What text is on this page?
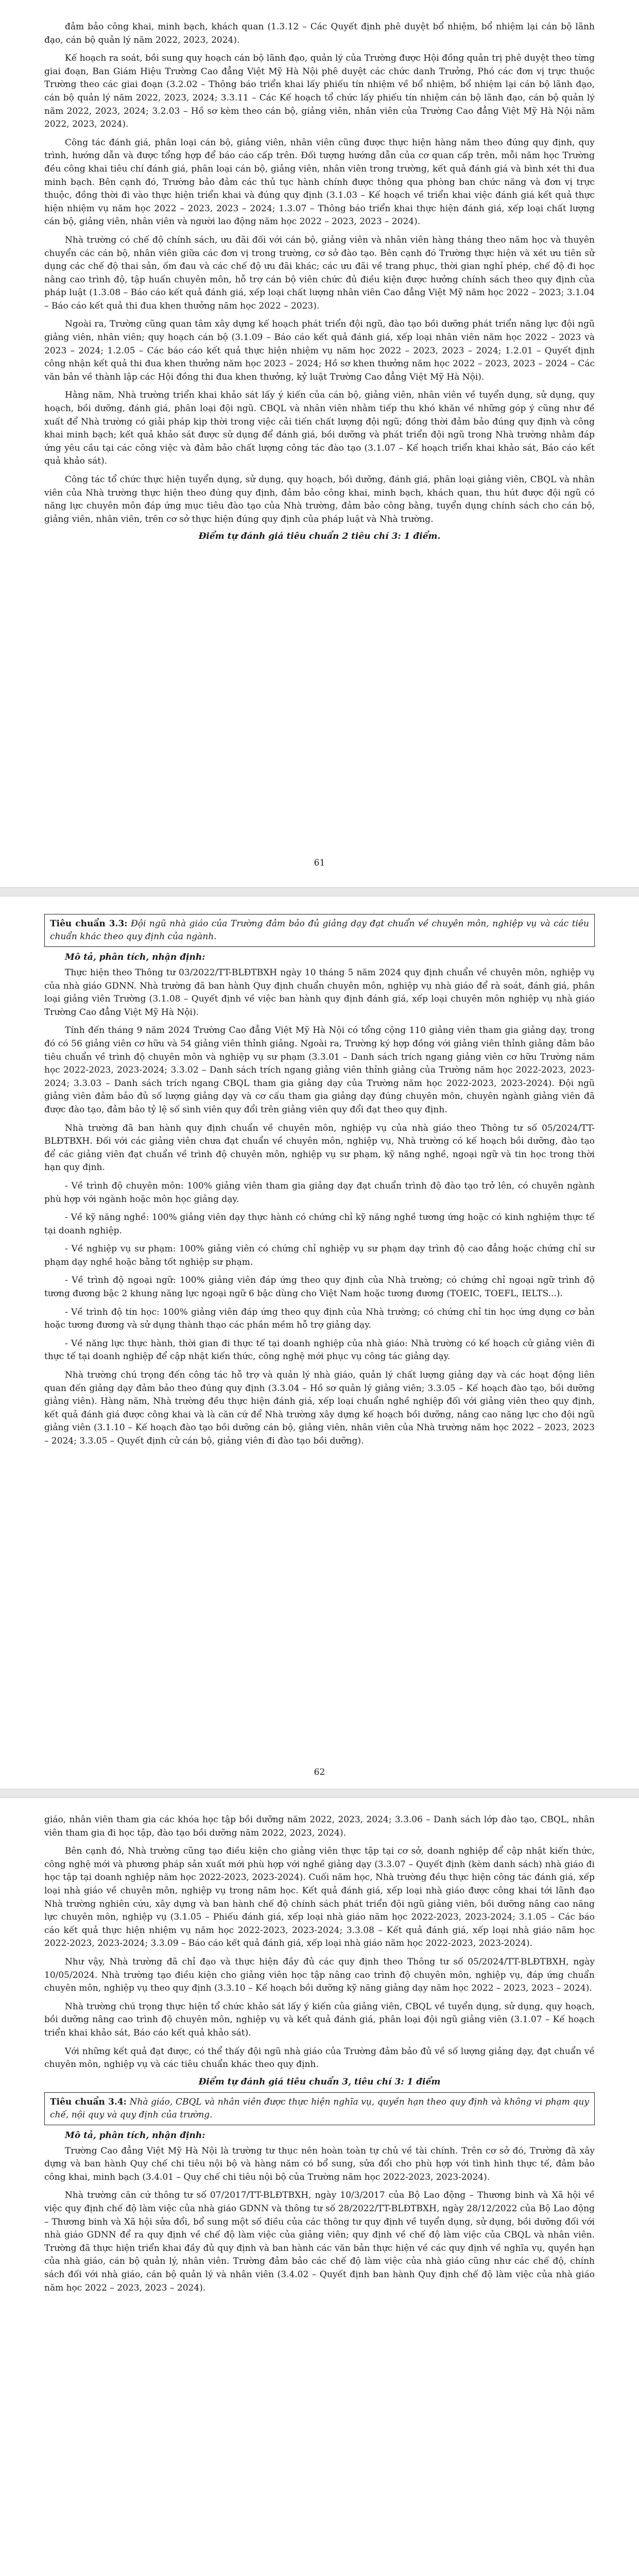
đảm bảo công khai, minh bạch, khách quan (1.3.12 – Các Quyết định phê duyệt bổ nhiệm, bổ nhiệm lại cán bộ lãnh đạo, cán bộ quản lý năm 2022, 2023, 2024).

Kế hoạch ra soát, bồi sung quy hoạch cán bộ lãnh đạo, quản lý của Trường được Hội đồng quản trị phê duyệt theo từng giai đoạn, Ban Giám Hiệu Trường Cao đẳng Việt Mỹ Hà Nội phê duyệt các chức danh Trưởng, Phó các đơn vị trực thuộc Trường theo các giai đoạn (3.2.02 – Thông báo triển khai lấy phiếu tín nhiệm về bổ nhiệm, bổ nhiệm lại cán bộ lãnh đạo, cán bộ quản lý năm 2022, 2023, 2024; 3.3.11 – Các Kế hoạch tổ chức lấy phiếu tín nhiệm cán bộ lãnh đạo, cán bộ quản lý năm 2022, 2023, 2024; 3.2.03 – Hồ sơ kèm theo cán bộ, giảng viên, nhân viên của Trường Cao đẳng Việt Mỹ Hà Nội năm 2022, 2023, 2024).

Công tác đánh giá, phân loại cán bộ, giảng viên, nhân viên cũng được thực hiện hàng năm theo đúng quy định, quy trình, hướng dẫn và được tổng hợp để báo cáo cấp trên. Đối tượng hướng dẫn của cơ quan cấp trên, mỗi năm học Trường đều công khai tiêu chí đánh giá, phân loại cán bộ, giảng viên, nhân viên trong trường, kết quả đánh giá và bình xét thi đua minh bạch. Bên cạnh đó, Trường bảo đảm các thủ tục hành chính được thông qua phòng ban chức năng và đơn vị trực thuộc, đồng thời đi vào thực hiện triển khai và đúng quy định (3.1.03 – Kế hoạch về triển khai việc đánh giá kết quả thực hiện nhiệm vụ năm học 2022 – 2023, 2023 – 2024; 1.3.07 – Thông báo triển khai thực hiện đánh giá, xếp loại chất lượng cán bộ, giảng viên, nhân viên và người lao động năm học 2022 – 2023, 2023 – 2024).

Nhà trường có chế độ chính sách, ưu đãi đối với cán bộ, giảng viên và nhân viên hàng tháng theo năm học và thuyên chuyển các cán bộ, nhân viên giữa các đơn vị trong trường, cơ sở đào tạo. Bên cạnh đó Trường thực hiện và xét ưu tiên sử dụng các chế độ thai sản, ốm đau và các chế độ ưu đãi khác; các ưu đãi về trang phục, thời gian nghỉ phép, chế độ đi học nâng cao trình độ, tập huấn chuyên môn, hỗ trợ cán bộ viên chức đủ điều kiện được hưởng chính sách theo quy định của pháp luật (1.3.08 – Báo cáo kết quả đánh giá, xếp loại chất lượng nhân viên Cao đẳng Việt Mỹ năm học 2022 – 2023; 3.1.04 – Báo cáo kết quả thi đua khen thưởng năm học 2022 – 2023).

Ngoài ra, Trường cũng quan tâm xây dựng kế hoạch phát triển đội ngũ, đào tạo bồi dưỡng phát triển năng lực đội ngũ giảng viên, nhân viên; quy hoạch cán bộ (3.1.09 – Báo cáo kết quả đánh giá, xếp loại nhân viên năm học 2022 – 2023 và 2023 – 2024; 1.2.05 – Các báo cáo kết quả thực hiện nhiệm vụ năm học 2022 – 2023, 2023 – 2024; 1.2.01 – Quyết định công nhận kết quả thi đua khen thưởng năm học 2023 – 2024; Hồ sơ khen thưởng năm học 2022 – 2023, 2023 – 2024 – Các văn bản về thành lập các Hội đồng thi đua khen thưởng, kỷ luật Trường Cao đẳng Việt Mỹ Hà Nội).

Hằng năm, Nhà trường triển khai khảo sát lấy ý kiến của cán bộ, giảng viên, nhân viên về tuyển dụng, sử dụng, quy hoạch, bồi dưỡng, đánh giá, phân loại đội ngũ. CBQL và nhân viên nhằm tiếp thu khó khăn về những góp ý cũng như đề xuất để Nhà trường có giải pháp kịp thời trong việc cải tiến chất lượng đội ngũ; đồng thời đảm bảo đúng quy định và công khai minh bạch; kết quả khảo sát được sử dụng để đánh giá, bồi dưỡng và phát triển đội ngũ trong Nhà trường nhằm đáp ứng yêu cầu tại các công việc và đảm bảo chất lượng công tác đào tạo (3.1.07 – Kế hoạch triển khai khảo sát, Báo cáo kết quả khảo sát).

Công tác tổ chức thực hiện tuyển dụng, sử dụng, quy hoạch, bồi dưỡng, đánh giá, phân loại giảng viên, CBQL và nhân viên của Nhà trường thực hiện theo đúng quy định, đảm bảo công khai, minh bạch, khách quan, thu hút được đội ngũ có năng lực chuyên môn đáp ứng mục tiêu đào tạo của Nhà trường, đảm bảo công bằng, tuyển dụng chính sách cho cán bộ, giảng viên, nhân viên, trên cơ sở thực hiện đúng quy định của pháp luật và Nhà trường.

Điểm tự đánh giá tiêu chuẩn 2 tiêu chí 3: 1 điểm.

61

Tiêu chuẩn 3.3: Đội ngũ nhà giáo của Trường đảm bảo đủ giảng dạy đạt chuẩn về chuyên môn, nghiệp vụ và các tiêu chuẩn khác theo quy định của ngành.

Mô tả, phân tích, nhận định:

Thực hiện theo Thông tư 03/2022/TT-BLĐTBXH ngày 10 tháng 5 năm 2024 quy định chuẩn về chuyên môn, nghiệp vụ của nhà giáo GDNN. Nhà trường đã ban hành Quy định chuẩn chuyên môn, nghiệp vụ nhà giáo để rà soát, đánh giá, phân loại giảng viên Trường (3.1.08 – Quyết định về việc ban hành quy định đánh giá, xếp loại chuyên môn nghiệp vụ nhà giáo Trường Cao đẳng Việt Mỹ Hà Nội).

Tính đến tháng 9 năm 2024 Trường Cao đẳng Việt Mỹ Hà Nội có tổng cộng 110 giảng viên tham gia giảng dạy, trong đó có 56 giảng viên cơ hữu và 54 giảng viên thỉnh giảng. Ngoài ra, Trường ký hợp đồng với giảng viên thỉnh giảng đảm bảo tiêu chuẩn về trình độ chuyên môn và nghiệp vụ sư phạm (3.3.01 – Danh sách trích ngang giảng viên cơ hữu Trường năm học 2022-2023, 2023-2024; 3.3.02 – Danh sách trích ngang giảng viên thỉnh giảng của Trường năm học 2022-2023, 2023-2024; 3.3.03 – Danh sách trích ngang CBQL tham gia giảng dạy của Trường năm học 2022-2023, 2023-2024). Đội ngũ giảng viên đảm bảo đủ số lượng giảng dạy và cơ cấu tham gia giảng dạy đúng chuyên môn, chuyên ngành giảng viên đã được đào tạo, đảm bảo tỷ lệ số sinh viên quy đổi trên giảng viên quy đổi đạt theo quy định.

Nhà trường đã ban hành quy định chuẩn về chuyên môn, nghiệp vụ của nhà giáo theo Thông tư số 05/2024/TT-BLĐTBXH. Đối với các giảng viên chưa đạt chuẩn về chuyên môn, nghiệp vụ, Nhà trường có kế hoạch bồi dưỡng, đào tạo để các giảng viên đạt chuẩn về trình độ chuyên môn, nghiệp vụ sư phạm, kỹ năng nghề, ngoại ngữ và tin học trong thời hạn quy định.

- Về trình độ chuyên môn: 100% giảng viên tham gia giảng dạy đạt chuẩn trình độ đào tạo trở lên, có chuyên ngành phù hợp với ngành hoặc môn học giảng dạy.

- Về kỹ năng nghề: 100% giảng viên dạy thực hành có chứng chỉ kỹ năng nghề tương ứng hoặc có kinh nghiệm thực tế tại doanh nghiệp.

- Về nghiệp vụ sư phạm: 100% giảng viên có chứng chỉ nghiệp vụ sư phạm dạy trình độ cao đẳng hoặc chứng chỉ sư phạm dạy nghề hoặc bằng tốt nghiệp sư phạm.

- Về trình độ ngoại ngữ: 100% giảng viên đáp ứng theo quy định của Nhà trường; có chứng chỉ ngoại ngữ trình độ tương đương bậc 2 khung năng lực ngoại ngữ 6 bậc dùng cho Việt Nam hoặc tương đương (TOEIC, TOEFL, IELTS...).

- Về trình độ tin học: 100% giảng viên đáp ứng theo quy định của Nhà trường; có chứng chỉ tin học ứng dụng cơ bản hoặc tương đương và sử dụng thành thạo các phần mềm hỗ trợ giảng dạy.

- Về năng lực thực hành, thời gian đi thực tế tại doanh nghiệp của nhà giáo: Nhà trường có kế hoạch cử giảng viên đi thực tế tại doanh nghiệp để cập nhật kiến thức, công nghệ mới phục vụ công tác giảng dạy.

Nhà trường chú trọng đến công tác hỗ trợ và quản lý nhà giáo, quản lý chất lượng giảng dạy và các hoạt động liên quan đến giảng dạy đảm bảo theo đúng quy định (3.3.04 – Hồ sơ quản lý giảng viên; 3.3.05 – Kế hoạch đào tạo, bồi dưỡng giảng viên). Hàng năm, Nhà trường đều thực hiện đánh giá, xếp loại chuẩn nghề nghiệp đối với giảng viên theo quy định, kết quả đánh giá được công khai và là căn cứ để Nhà trường xây dựng kế hoạch bồi dưỡng, nâng cao năng lực cho đội ngũ giảng viên (3.1.10 – Kế hoạch đào tạo bồi dưỡng cán bộ, giảng viên, nhân viên của Nhà trường năm học 2022 – 2023, 2023 – 2024; 3.3.05 – Quyết định cử cán bộ, giảng viên đi đào tạo bồi dưỡng).

62

giáo, nhân viên tham gia các khóa học tập bồi dưỡng năm 2022, 2023, 2024; 3.3.06 – Danh sách lớp đào tạo, CBQL, nhân viên tham gia đi học tập, đào tạo bồi dưỡng năm 2022, 2023, 2024).

Bên cạnh đó, Nhà trường cũng tạo điều kiện cho giảng viên thực tập tại cơ sở, doanh nghiệp để cập nhật kiến thức, công nghệ mới và phương pháp sản xuất mới phù hợp với nghề giảng dạy (3.3.07 – Quyết định (kèm danh sách) nhà giáo đi học tập tại doanh nghiệp năm học 2022-2023, 2023-2024). Cuối năm học, Nhà trường đều thực hiện công tác đánh giá, xếp loại nhà giáo về chuyên môn, nghiệp vụ trong năm học. Kết quả đánh giá, xếp loại nhà giáo được công khai tới lãnh đạo Nhà trường nghiên cứu, xây dựng và ban hành chế độ chính sách phát triển đội ngũ giảng viên, bồi dưỡng nâng cao năng lực chuyên môn, nghiệp vụ (3.1.05 – Phiếu đánh giá, xếp loại nhà giáo năm học 2022-2023, 2023-2024; 3.1.05 – Các báo cáo kết quả thực hiện nhiệm vụ năm học 2022-2023, 2023-2024; 3.3.08 – Kết quả đánh giá, xếp loại nhà giáo năm học 2022-2023, 2023-2024; 3.3.09 – Báo cáo kết quả đánh giá, xếp loại nhà giáo năm học 2022-2023, 2023-2024).

Như vậy, Nhà trường đã chỉ đạo và thực hiện đầy đủ các quy định theo Thông tư số 05/2024/TT-BLĐTBXH, ngày 10/05/2024. Nhà trường tạo điều kiện cho giảng viên học tập nâng cao trình độ chuyên môn, nghiệp vụ, đáp ứng chuẩn chuyên môn, nghiệp vụ theo quy định (3.3.10 – Kế hoạch bồi dưỡng kỹ năng giảng dạy năm học 2022 – 2023, 2023 – 2024).

Nhà trường chú trọng thực hiện tổ chức khảo sát lấy ý kiến của giảng viên, CBQL về tuyển dụng, sử dụng, quy hoạch, bồi dưỡng nâng cao trình độ chuyên môn, nghiệp vụ và kết quả đánh giá, phân loại đội ngũ giảng viên (3.1.07 – Kế hoạch triển khai khảo sát, Báo cáo kết quả khảo sát).

Với những kết quả đạt được, có thể thấy đội ngũ nhà giáo của Trường đảm bảo đủ về số lượng giảng dạy, đạt chuẩn về chuyên môn, nghiệp vụ và các tiêu chuẩn khác theo quy định.

Điểm tự đánh giá tiêu chuẩn 3, tiêu chí 3: 1 điểm

Tiêu chuẩn 3.4: Nhà giáo, CBQL và nhân viên được thực hiện nghĩa vụ, quyền hạn theo quy định và không vi phạm quy chế, nội quy và quy định của trường.

Mô tả, phân tích, nhận định:

Trường Cao đẳng Việt Mỹ Hà Nội là trường tư thục nên hoàn toàn tự chủ về tài chính. Trên cơ sở đó, Trường đã xây dựng và ban hành Quy chế chi tiêu nội bộ và hàng năm có bổ sung, sửa đổi cho phù hợp với tình hình thực tế, đảm bảo công khai, minh bạch (3.4.01 – Quy chế chi tiêu nội bộ của Trường năm học 2022-2023, 2023-2024).

Nhà trường căn cứ thông tư số 07/2017/TT-BLĐTBXH, ngày 10/3/2017 của Bộ Lao động – Thương binh và Xã hội về việc quy định chế độ làm việc của nhà giáo GDNN và thông tư số 28/2022/TT-BLĐTBXH, ngày 28/12/2022 của Bộ Lao động – Thương binh và Xã hội sửa đổi, bổ sung một số điều của các thông tư quy định về tuyển dụng, sử dụng, bồi dưỡng đối với nhà giáo GDNN để ra quy định về chế độ làm việc của giảng viên; quy định về chế độ làm việc của CBQL và nhân viên. Trường đã thực hiện triển khai đầy đủ quy định và ban hành các văn bản thực hiện về các quy định về nghĩa vụ, quyền hạn của nhà giáo, cán bộ quản lý, nhân viên. Trường đảm bảo các chế độ làm việc của nhà giáo cũng như các chế độ, chính sách đối với nhà giáo, cán bộ quản lý và nhân viên (3.4.02 – Quyết định ban hành Quy định chế độ làm việc của nhà giáo năm học 2022 – 2023, 2023 – 2024).
